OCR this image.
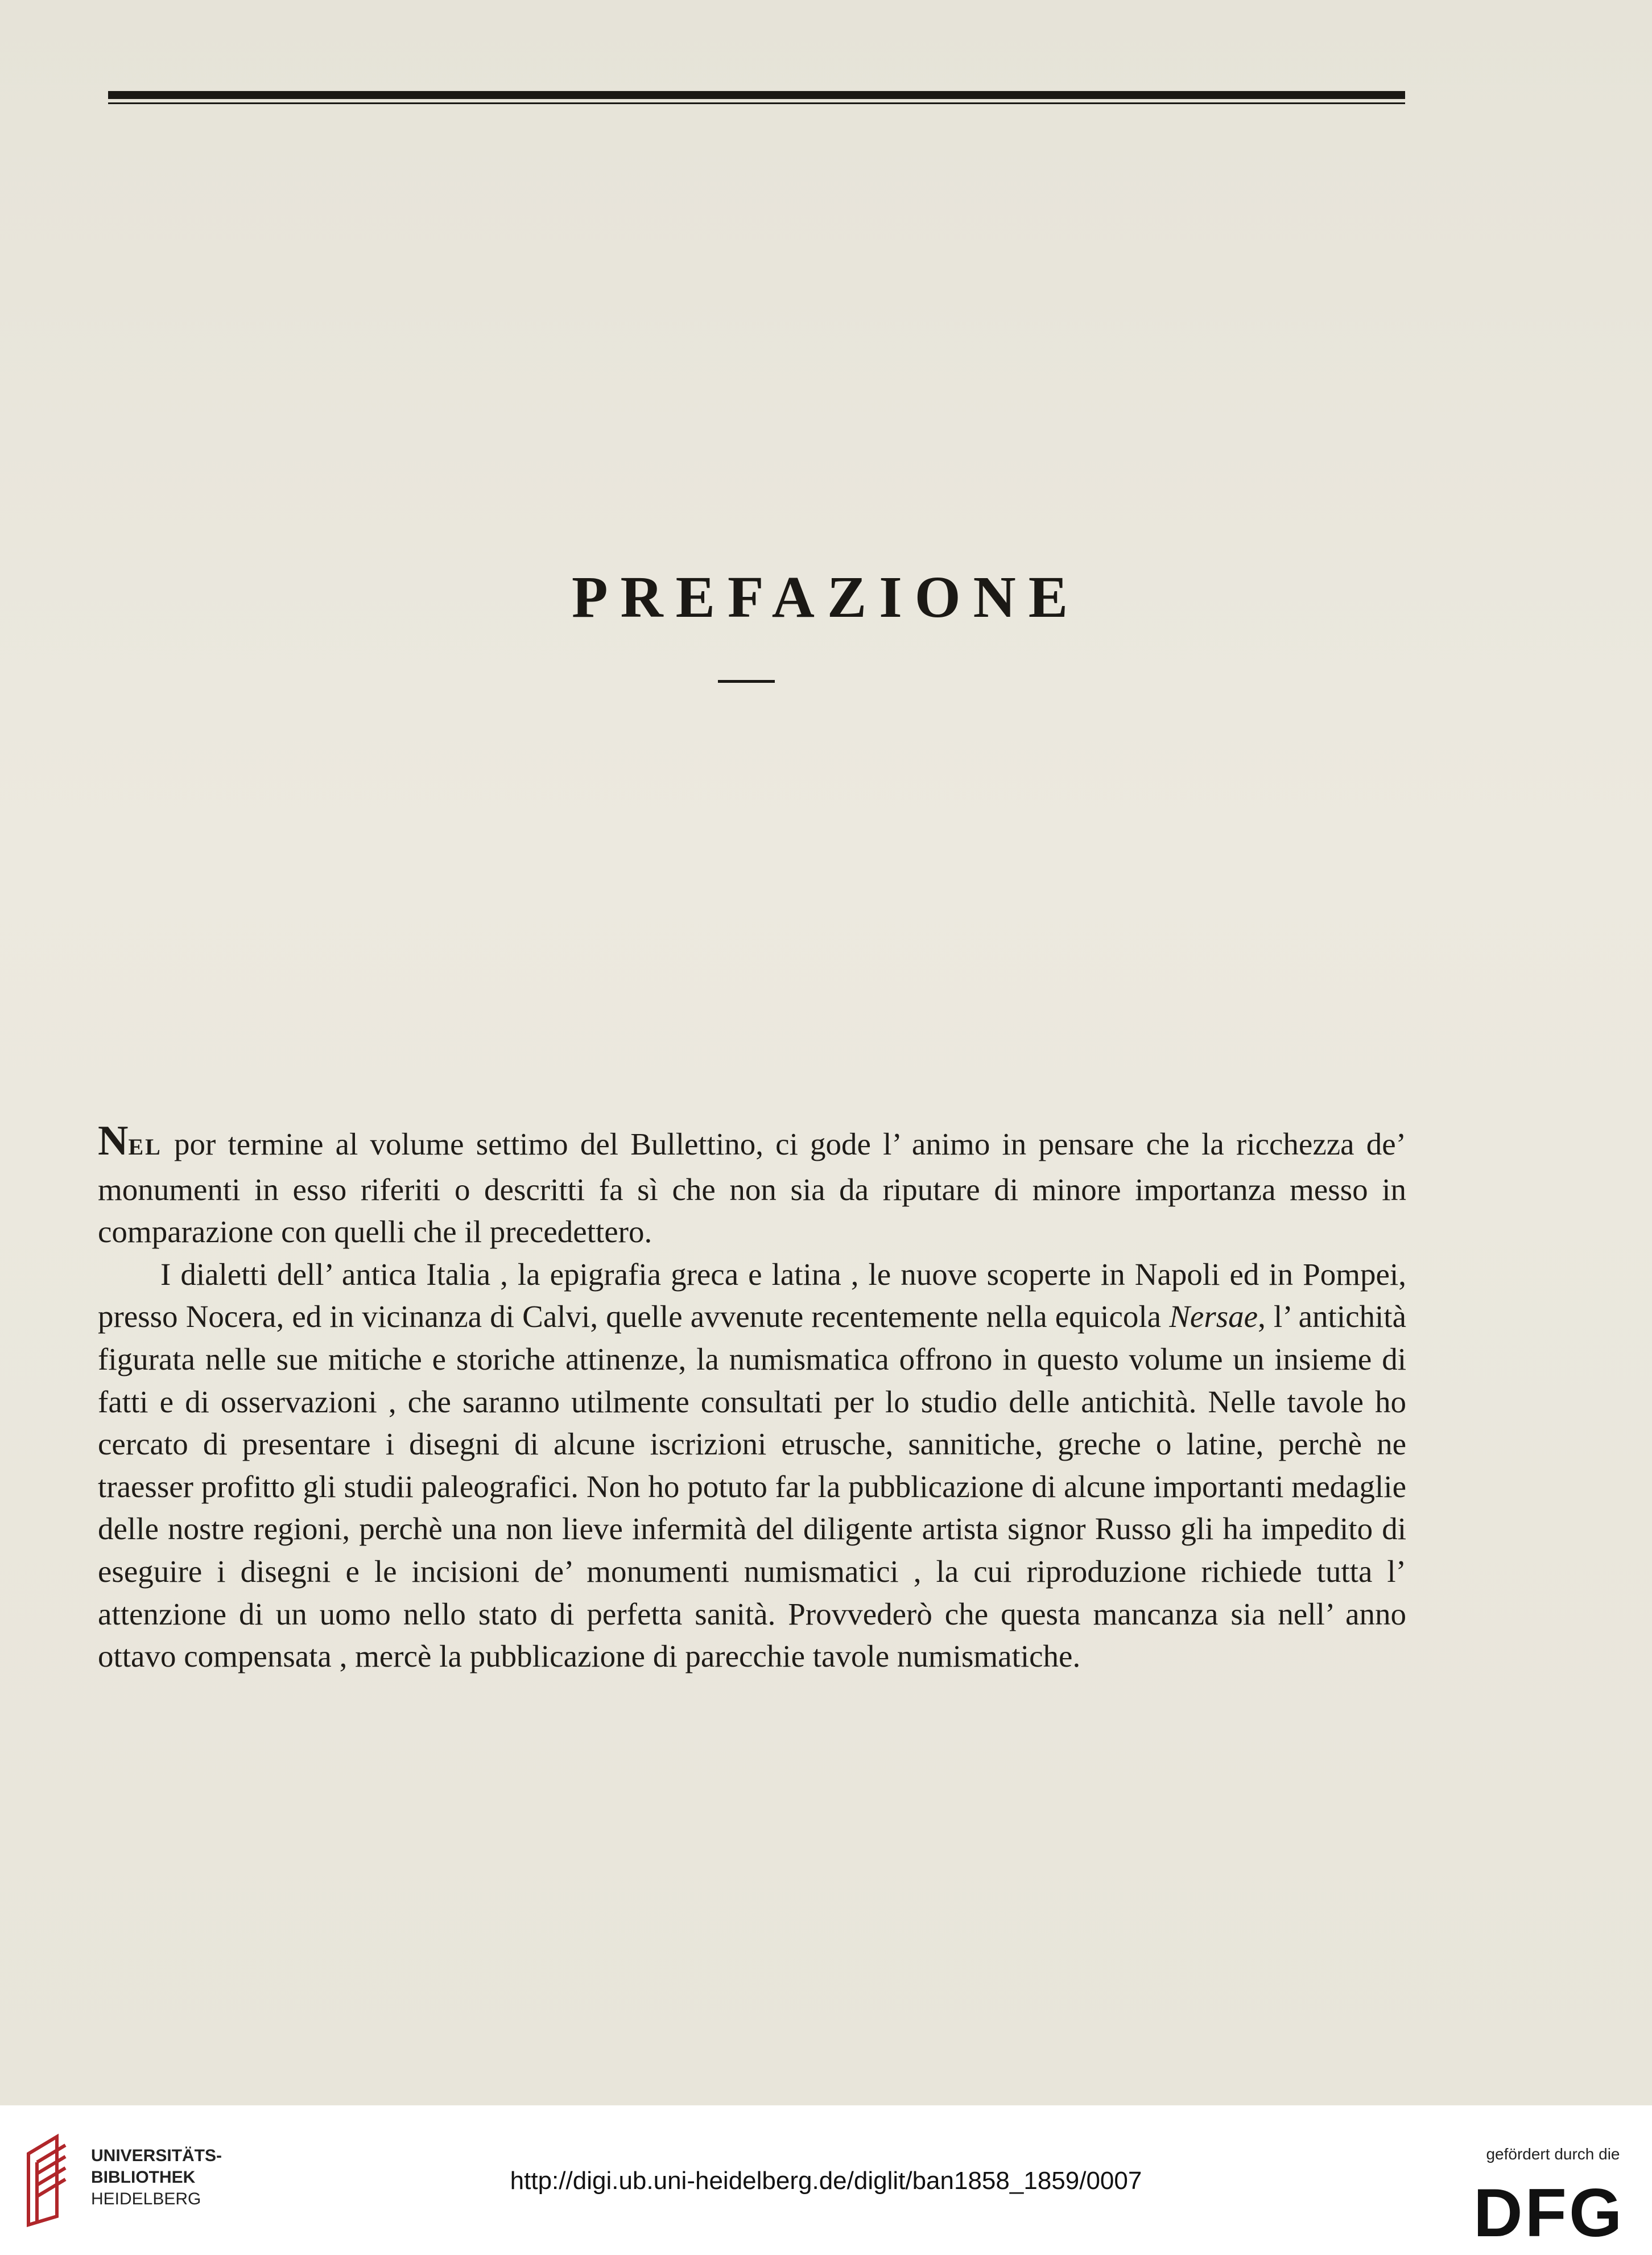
PREFAZIONE

NEL por termine al volume settimo del Bullettino, ci gode l’ animo in pensare che la ricchezza de’ monumenti in esso riferiti o descritti fa sì che non sia da riputare di minore importanza messo in comparazione con quelli che il precedettero.

I dialetti dell’ antica Italia , la epigrafia greca e latina , le nuove scoperte in Napoli ed in Pompei, presso Nocera, ed in vicinanza di Calvi, quelle avvenute recentemente nella equicola Nersae, l’ antichità figurata nelle sue mitiche e storiche attinenze, la numismatica offrono in questo volume un insieme di fatti e di osservazioni , che saranno utilmente consultati per lo studio delle antichità. Nelle tavole ho cercato di presentare i disegni di alcune iscrizioni etrusche, sannitiche, greche o latine, perchè ne traesser profitto gli studii paleografici. Non ho potuto far la pubblicazione di alcune importanti medaglie delle nostre regioni, perchè una non lieve infermità del diligente artista signor Russo gli ha impedito di eseguire i disegni e le incisioni de’ monumenti numismatici , la cui riproduzione richiede tutta l’ attenzione di un uomo nello stato di perfetta sanità. Provvederò che questa mancanza sia nell’ anno ottavo compensata , mercè la pubblicazione di parecchie tavole numismatiche.

UNIVERSITÄTS-
BIBLIOTHEK
HEIDELBERG
http://digi.ub.uni-heidelberg.de/diglit/ban1858_1859/0007
gefördert durch die
DFG
